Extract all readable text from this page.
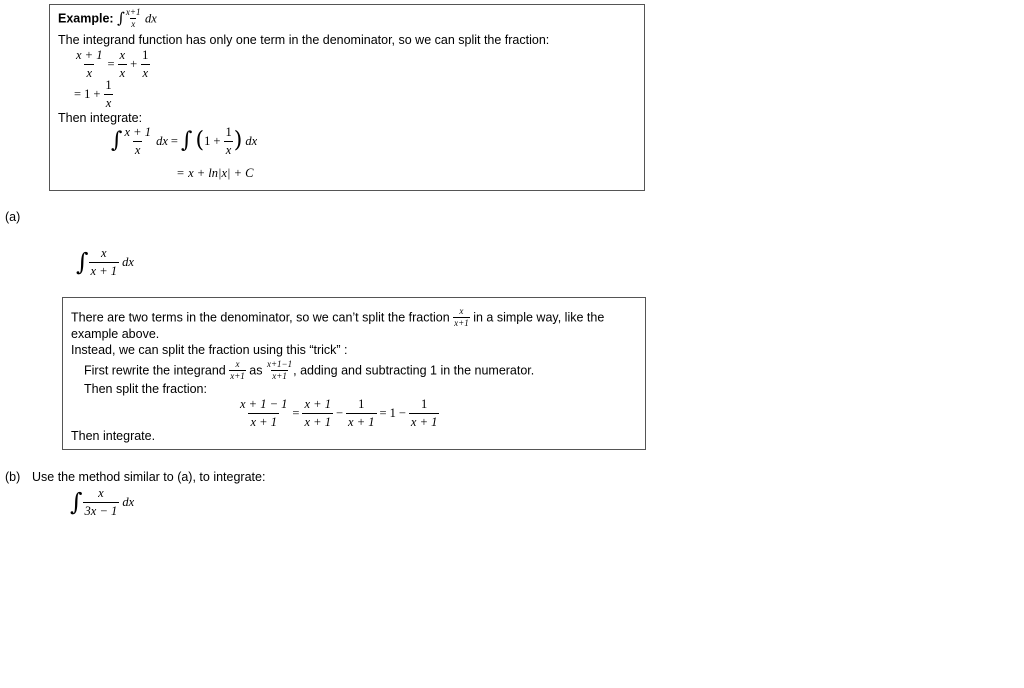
Example: ∫ $\frac{x+1}{x}$ dx
The integrand function has only one term in the denominator, so we can split the fraction:
$\frac{x + 1}{x} = \frac{x}{x} + \frac{1}{x}$
= $1 + \frac{1}{x}$
Then integrate:
∫ $\frac{x + 1}{x}$ dx = ∫ ($1 + \frac{1}{x}$ ) dx
= x + ln|x| + C
(a)
∫ $\frac{x}{x + 1}$ dx
There are two terms in the denominator, so we can’t split the fraction $\frac{x}{x+1}$ in a simple way, like the
example above.
Instead, we can split the fraction using this “trick” :
First rewrite the integrand $\frac{x}{x+1}$ as $\frac{x+1-1}{x+1}$ , adding and subtracting 1 in the numerator.
Then split the fraction:
$\frac{x + 1 - 1}{x + 1} = \frac{x + 1}{x + 1} - \frac{1}{x + 1} = 1 - \frac{1}{x + 1}$
Then integrate.
(b) Use the method similar to (a), to integrate:
∫ $\frac{x}{3x - 1}$ dx
